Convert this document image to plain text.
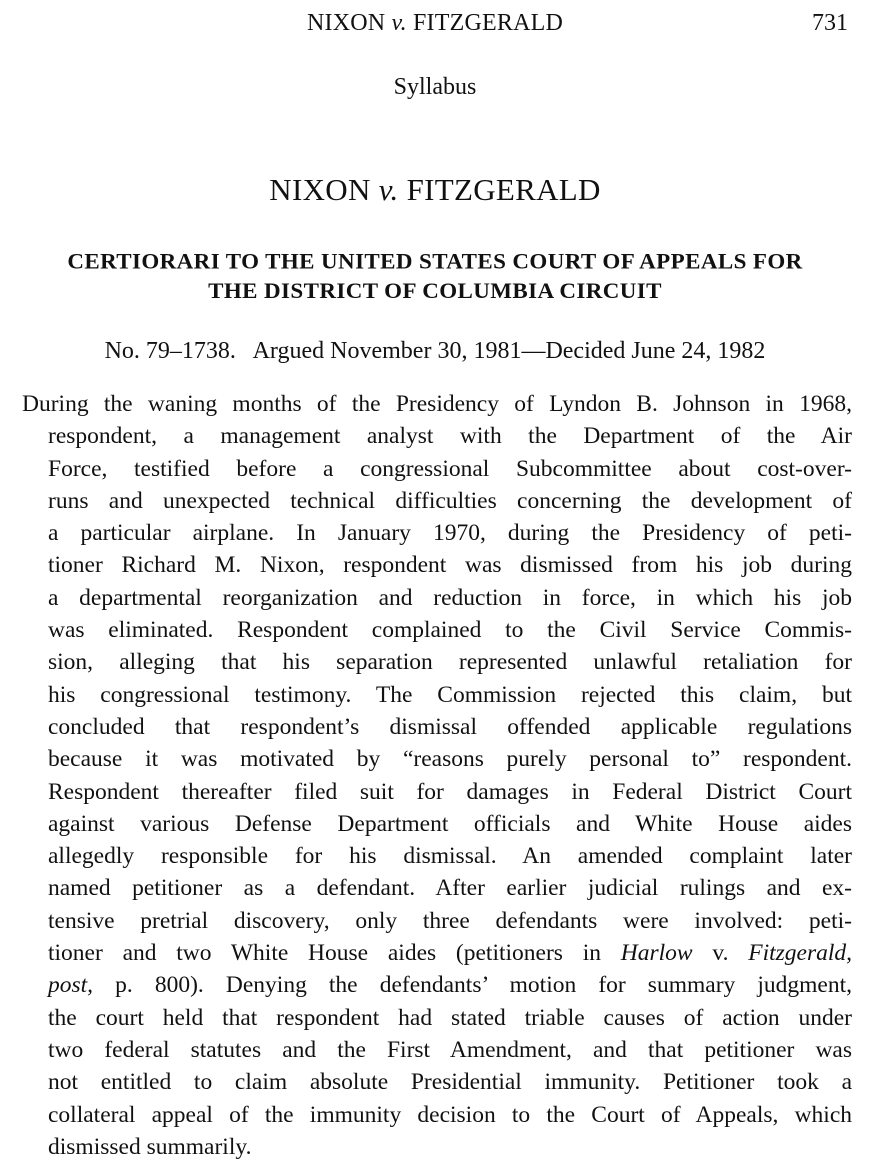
NIXON v. FITZGERALD	731
Syllabus
NIXON v. FITZGERALD
CERTIORARI TO THE UNITED STATES COURT OF APPEALS FOR
THE DISTRICT OF COLUMBIA CIRCUIT
No. 79–1738.   Argued November 30, 1981—Decided June 24, 1982
During the waning months of the Presidency of Lyndon B. Johnson in 1968,
respondent, a management analyst with the Department of the Air
Force, testified before a congressional Subcommittee about cost-over-
runs and unexpected technical difficulties concerning the development of
a particular airplane. In January 1970, during the Presidency of peti-
tioner Richard M. Nixon, respondent was dismissed from his job during
a departmental reorganization and reduction in force, in which his job
was eliminated. Respondent complained to the Civil Service Commis-
sion, alleging that his separation represented unlawful retaliation for
his congressional testimony. The Commission rejected this claim, but
concluded that respondent’s dismissal offended applicable regulations
because it was motivated by “reasons purely personal to” respondent.
Respondent thereafter filed suit for damages in Federal District Court
against various Defense Department officials and White House aides
allegedly responsible for his dismissal. An amended complaint later
named petitioner as a defendant. After earlier judicial rulings and ex-
tensive pretrial discovery, only three defendants were involved: peti-
tioner and two White House aides (petitioners in Harlow v. Fitzgerald,
post, p. 800). Denying the defendants’ motion for summary judgment,
the court held that respondent had stated triable causes of action under
two federal statutes and the First Amendment, and that petitioner was
not entitled to claim absolute Presidential immunity. Petitioner took a
collateral appeal of the immunity decision to the Court of Appeals, which
dismissed summarily.
